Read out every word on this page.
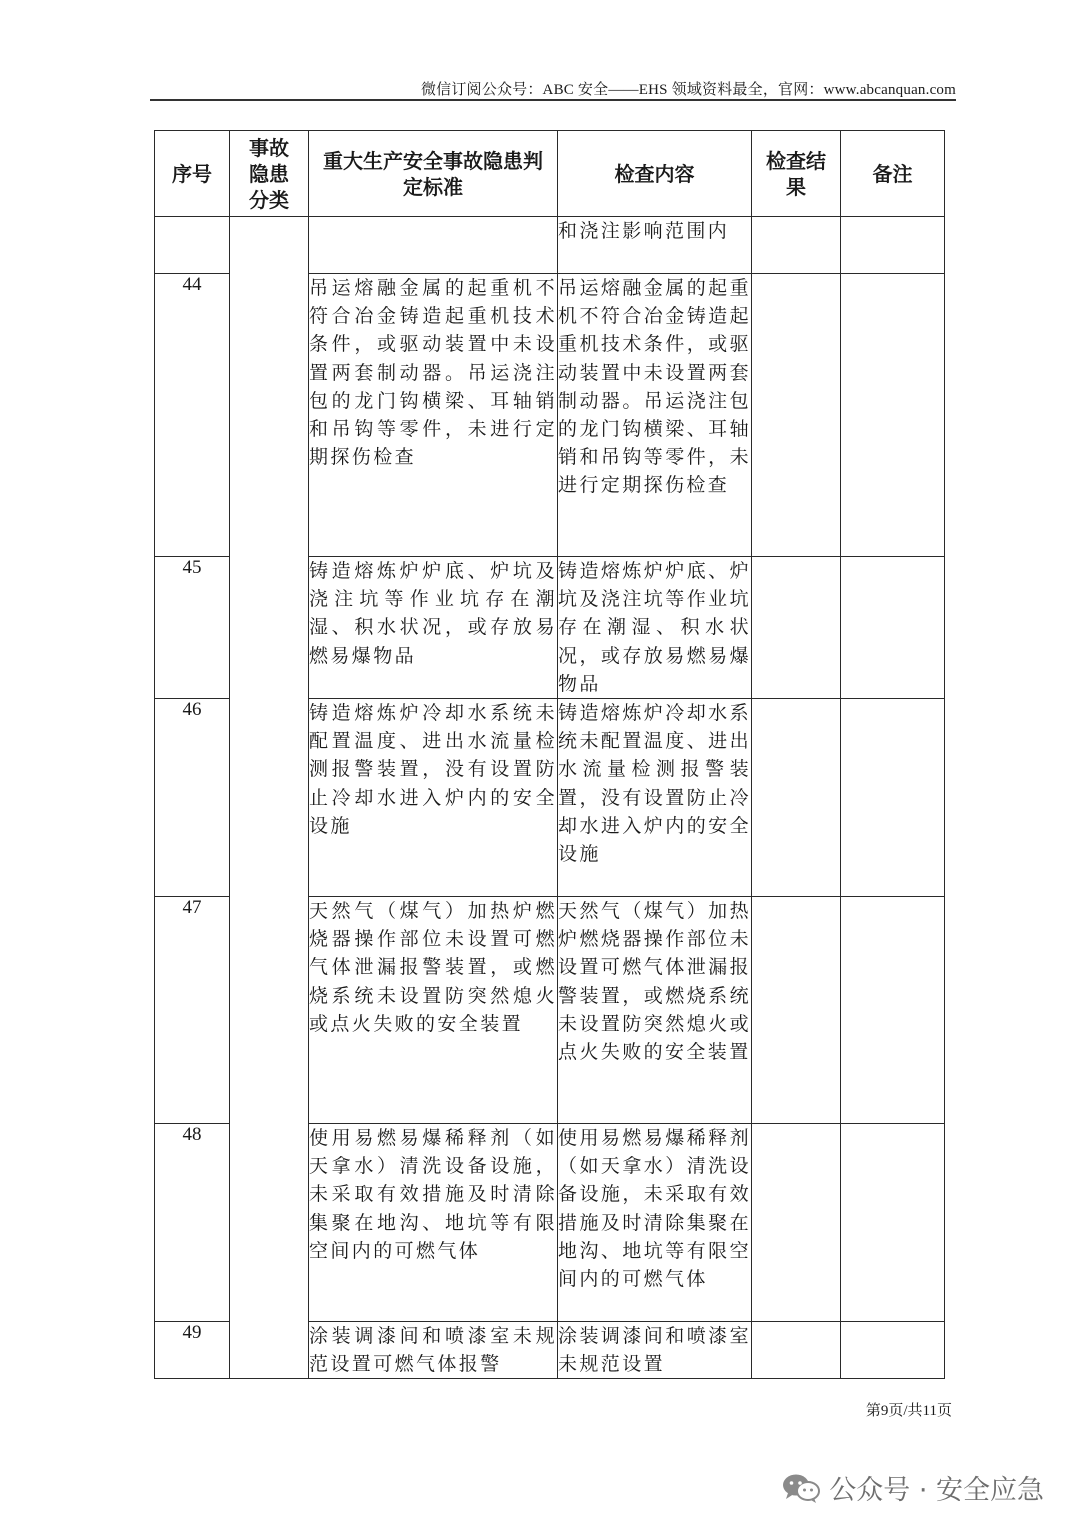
微信订阅公众号：ABC 安全——EHS 领域资料最全，官网：www.abcanquan.com
序号	事故隐患分类	重大生产安全事故隐患判定标准	检查内容	检查结果	备注
			和浇注影响范围内		
44		吊运熔融金属的起重机不符合冶金铸造起重机技术条件，或驱动装置中未设置两套制动器。吊运浇注包的龙门钩横梁、耳轴销和吊钩等零件，未进行定期探伤检查	吊运熔融金属的起重机不符合冶金铸造起重机技术条件，或驱动装置中未设置两套制动器。吊运浇注包的龙门钩横梁、耳轴销和吊钩等零件，未进行定期探伤检查		
45		铸造熔炼炉炉底、炉坑及浇注坑等作业坑存在潮湿、积水状况，或存放易燃易爆物品	铸造熔炼炉炉底、炉坑及浇注坑等作业坑存在潮湿、积水状况，或存放易燃易爆物品		
46		铸造熔炼炉冷却水系统未配置温度、进出水流量检测报警装置，没有设置防止冷却水进入炉内的安全设施	铸造熔炼炉冷却水系统未配置温度、进出水流量检测报警装置，没有设置防止冷却水进入炉内的安全设施		
47		天然气（煤气）加热炉燃烧器操作部位未设置可燃气体泄漏报警装置，或燃烧系统未设置防突然熄火或点火失败的安全装置	天然气（煤气）加热炉燃烧器操作部位未设置可燃气体泄漏报警装置，或燃烧系统未设置防突然熄火或点火失败的安全装置		
48		使用易燃易爆稀释剂（如天拿水）清洗设备设施，未采取有效措施及时清除集聚在地沟、地坑等有限空间内的可燃气体	使用易燃易爆稀释剂（如天拿水）清洗设备设施，未采取有效措施及时清除集聚在地沟、地坑等有限空间内的可燃气体		
49		涂装调漆间和喷漆室未规范设置可燃气体报警	涂装调漆间和喷漆室未规范设置		
第9页/共11页
公众号 · 安全应急
